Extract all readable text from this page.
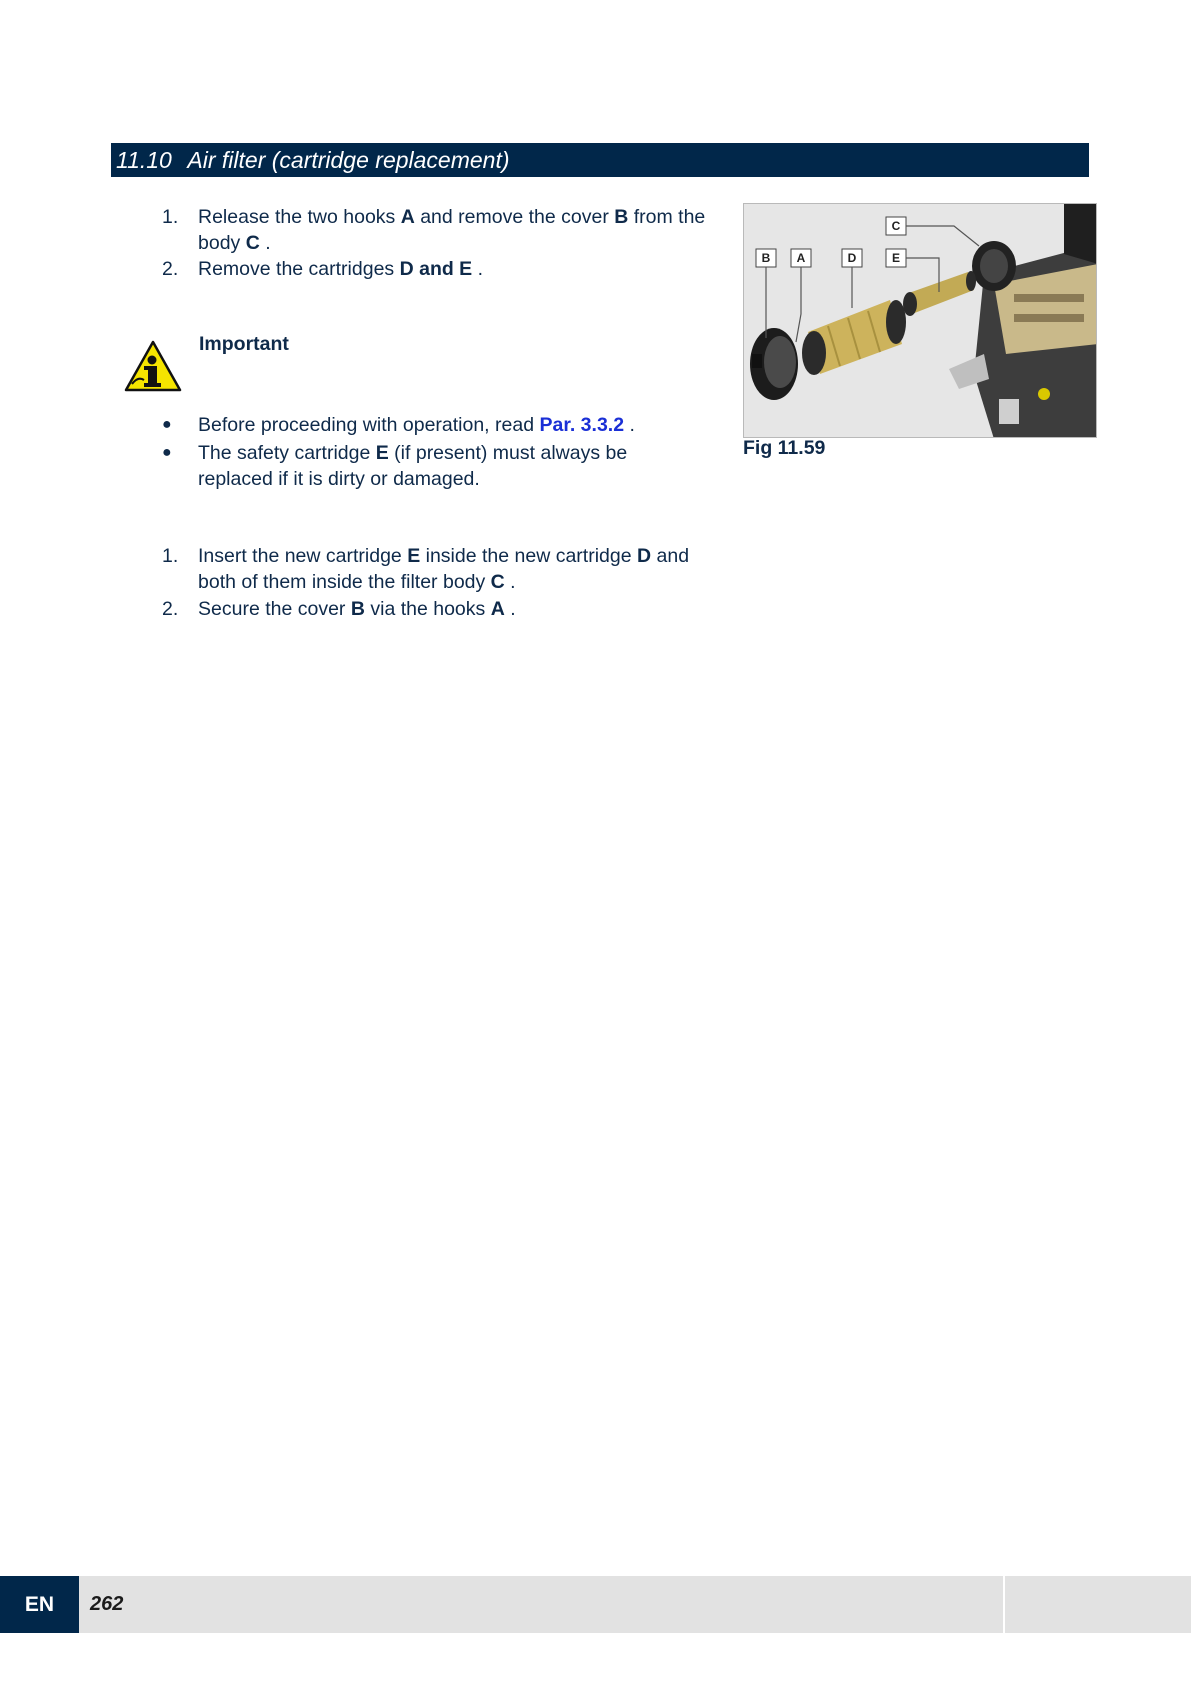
11.10 Air filter (cartridge replacement)
1.	Release the two hooks A and remove the cover B from the body C .
2.	Remove the cartridges D and E .
Important
● Before proceeding with operation, read Par. 3.3.2 .
● The safety cartridge E (if present) must always be replaced if it is dirty or damaged.
1.	Insert the new cartridge E inside the new cartridge D and both of them inside the filter body C .
2.	Secure the cover B via the hooks A .
C
B A	D	E
Fig 11.59
EN	262
